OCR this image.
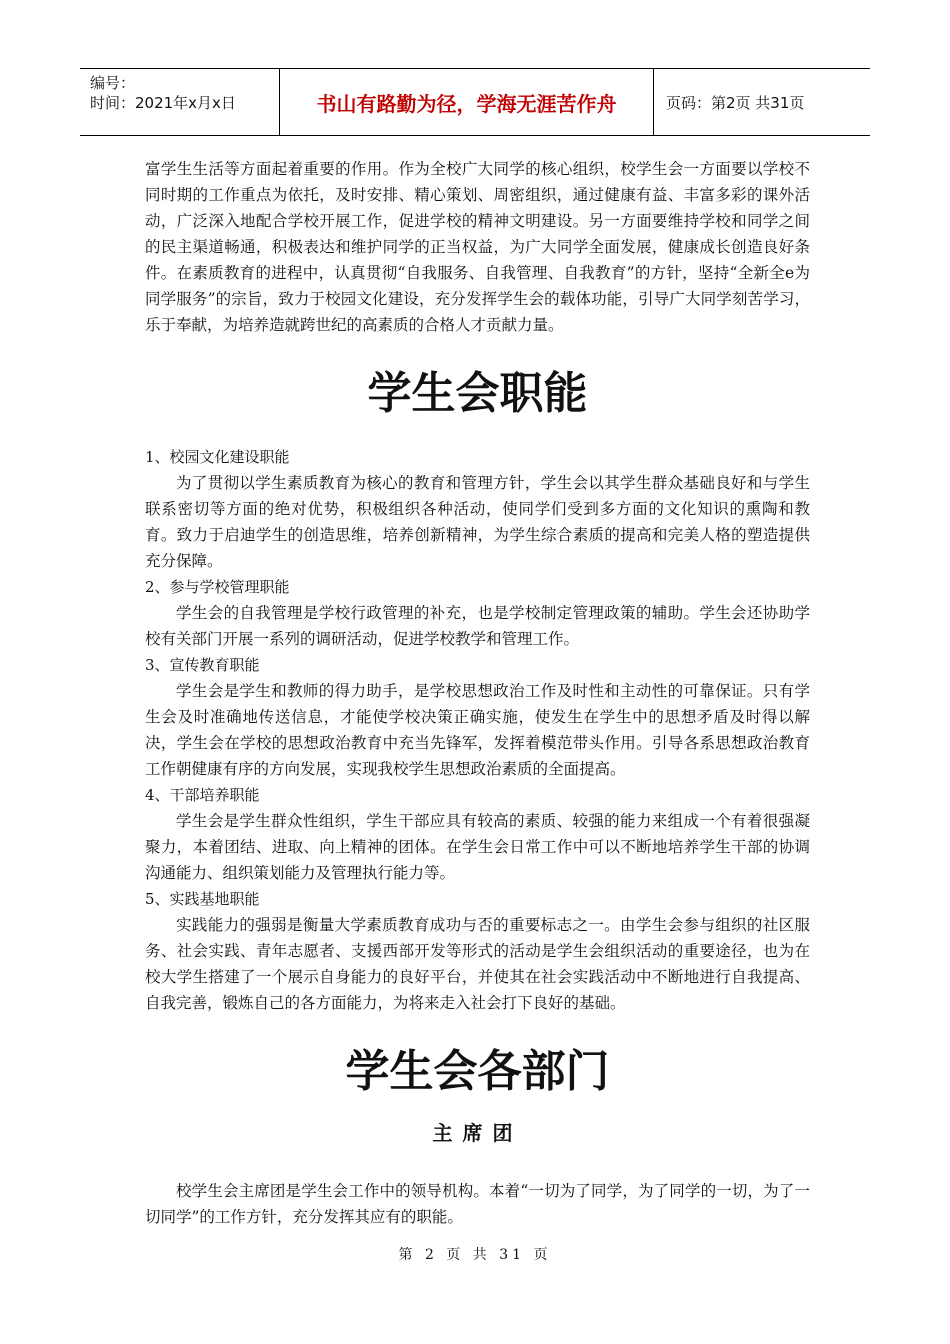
编号：
时间：2021年x月x日	书山有路勤为径，学海无涯苦作舟	页码：第2页 共31页

富学生生活等方面起着重要的作用。作为全校广大同学的核心组织，校学生会一方面要以学校不同时期的工作重点为依托，及时安排、精心策划、周密组织，通过健康有益、丰富多彩的课外活动，广泛深入地配合学校开展工作，促进学校的精神文明建设。另一方面要维持学校和同学之间的民主渠道畅通，积极表达和维护同学的正当权益，为广大同学全面发展，健康成长创造良好条件。在素质教育的进程中，认真贯彻“自我服务、自我管理、自我教育”的方针，坚持“全新全e为同学服务”的宗旨，致力于校园文化建设，充分发挥学生会的载体功能，引导广大同学刻苦学习，乐于奉献，为培养造就跨世纪的高素质的合格人才贡献力量。

学生会职能

1、校园文化建设职能

为了贯彻以学生素质教育为核心的教育和管理方针，学生会以其学生群众基础良好和与学生联系密切等方面的绝对优势，积极组织各种活动，使同学们受到多方面的文化知识的熏陶和教育。致力于启迪学生的创造思维，培养创新精神，为学生综合素质的提高和完美人格的塑造提供充分保障。

2、参与学校管理职能

学生会的自我管理是学校行政管理的补充，也是学校制定管理政策的辅助。学生会还协助学校有关部门开展一系列的调研活动，促进学校教学和管理工作。

3、宣传教育职能

学生会是学生和教师的得力助手，是学校思想政治工作及时性和主动性的可靠保证。只有学生会及时准确地传送信息，才能使学校决策正确实施，使发生在学生中的思想矛盾及时得以解决，学生会在学校的思想政治教育中充当先锋军，发挥着模范带头作用。引导各系思想政治教育工作朝健康有序的方向发展，实现我校学生思想政治素质的全面提高。

4、干部培养职能

学生会是学生群众性组织，学生干部应具有较高的素质、较强的能力来组成一个有着很强凝聚力，本着团结、进取、向上精神的团体。在学生会日常工作中可以不断地培养学生干部的协调沟通能力、组织策划能力及管理执行能力等。

5、实践基地职能

实践能力的强弱是衡量大学素质教育成功与否的重要标志之一。由学生会参与组织的社区服务、社会实践、青年志愿者、支援西部开发等形式的活动是学生会组织活动的重要途径，也为在校大学生搭建了一个展示自身能力的良好平台，并使其在社会实践活动中不断地进行自我提高、自我完善，锻炼自己的各方面能力，为将来走入社会打下良好的基础。

学生会各部门
主席团

校学生会主席团是学生会工作中的领导机构。本着“一切为了同学，为了同学的一切，为了一切同学”的工作方针，充分发挥其应有的职能。

第 2 页 共 31 页
